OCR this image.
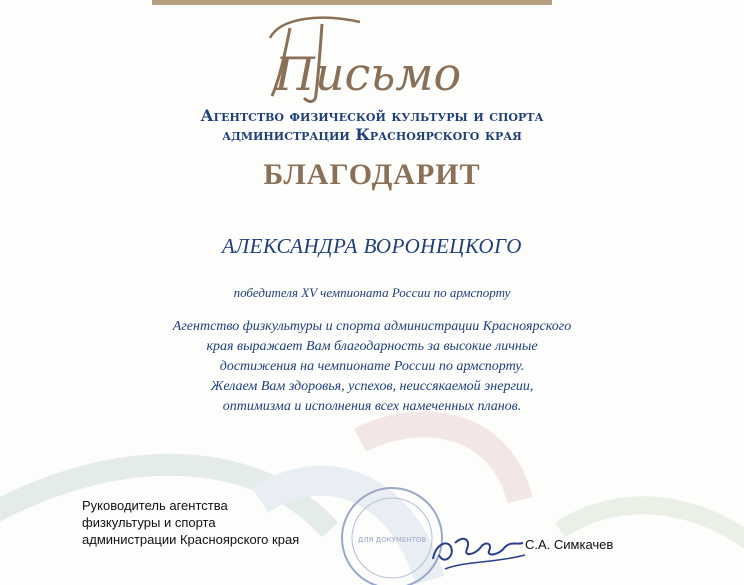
Письмо
Агентство физической культуры и спорта
администрации Красноярского края
БЛАГОДАРИТ
АЛЕКСАНДРА ВОРОНЕЦКОГО
победителя XV чемпионата России по армспорту
Агентство физкультуры и спорта администрации Красноярского
края выражает Вам благодарность за высокие личные
достижения на чемпионате России по армспорту.
Желаем Вам здоровья, успехов, неиссякаемой энергии,
оптимизма и исполнения всех намеченных планов.
Руководитель агентства
физкультуры и спорта
администрации Красноярского края	ДЛЯ ДОКУМЕНТОВ	С.А. Симкачев
